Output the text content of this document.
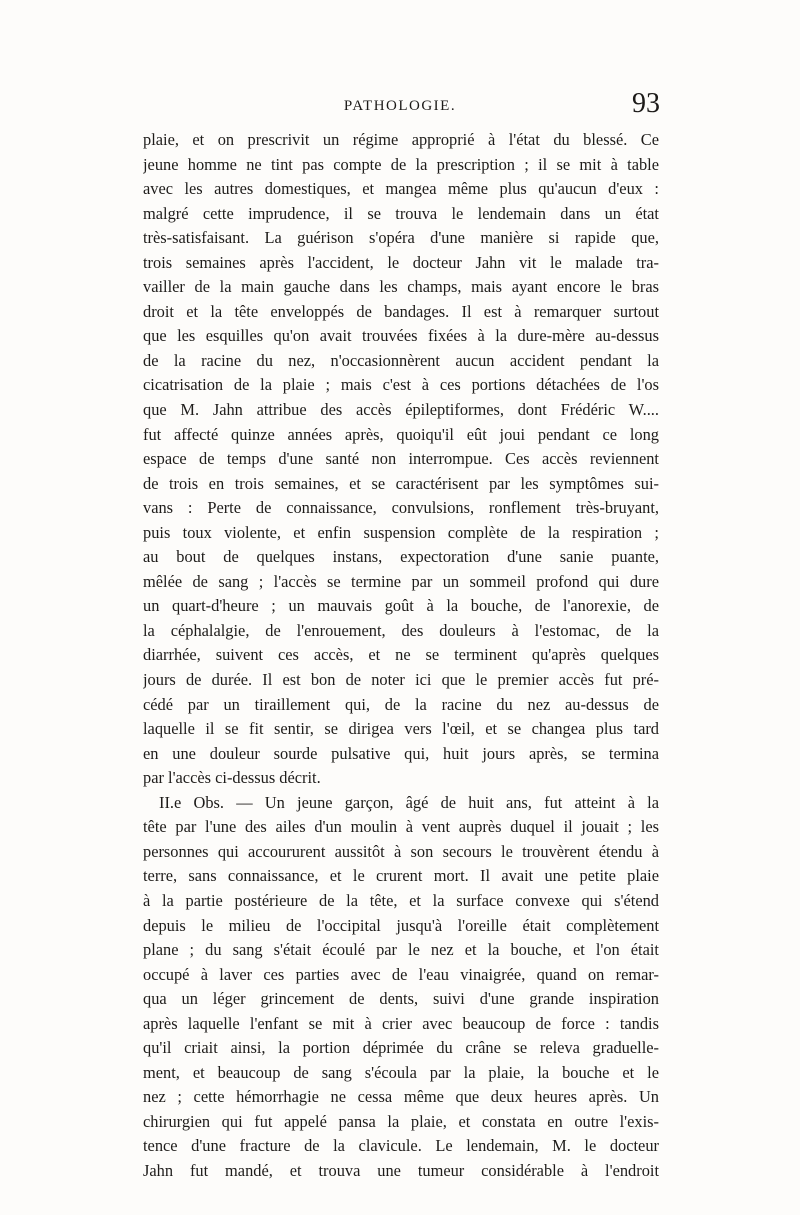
PATHOLOGIE.	93
plaie, et on prescrivit un régime approprié à l'état du blessé. Ce
jeune homme ne tint pas compte de la prescription ; il se mit à table
avec les autres domestiques, et mangea même plus qu'aucun d'eux :
malgré cette imprudence, il se trouva le lendemain dans un état
très-satisfaisant. La guérison s'opéra d'une manière si rapide que,
trois semaines après l'accident, le docteur Jahn vit le malade tra-
vailler de la main gauche dans les champs, mais ayant encore le bras
droit et la tête enveloppés de bandages. Il est à remarquer surtout
que les esquilles qu'on avait trouvées fixées à la dure-mère au-dessus
de la racine du nez, n'occasionnèrent aucun accident pendant la
cicatrisation de la plaie ; mais c'est à ces portions détachées de l'os
que M. Jahn attribue des accès épileptiformes, dont Frédéric W....
fut affecté quinze années après, quoiqu'il eût joui pendant ce long
espace de temps d'une santé non interrompue. Ces accès reviennent
de trois en trois semaines, et se caractérisent par les symptômes sui-
vans : Perte de connaissance, convulsions, ronflement très-bruyant,
puis toux violente, et enfin suspension complète de la respiration ;
au bout de quelques instans, expectoration d'une sanie puante,
mêlée de sang ; l'accès se termine par un sommeil profond qui dure
un quart-d'heure ; un mauvais goût à la bouche, de l'anorexie, de
la céphalalgie, de l'enrouement, des douleurs à l'estomac, de la
diarrhée, suivent ces accès, et ne se terminent qu'après quelques
jours de durée. Il est bon de noter ici que le premier accès fut pré-
cédé par un tiraillement qui, de la racine du nez au-dessus de
laquelle il se fit sentir, se dirigea vers l'œil, et se changea plus tard
en une douleur sourde pulsative qui, huit jours après, se termina
par l'accès ci-dessus décrit.
II.e Obs. — Un jeune garçon, âgé de huit ans, fut atteint à la
tête par l'une des ailes d'un moulin à vent auprès duquel il jouait ; les
personnes qui accoururent aussitôt à son secours le trouvèrent étendu à
terre, sans connaissance, et le crurent mort. Il avait une petite plaie
à la partie postérieure de la tête, et la surface convexe qui s'étend
depuis le milieu de l'occipital jusqu'à l'oreille était complètement
plane ; du sang s'était écoulé par le nez et la bouche, et l'on était
occupé à laver ces parties avec de l'eau vinaigrée, quand on remar-
qua un léger grincement de dents, suivi d'une grande inspiration
après laquelle l'enfant se mit à crier avec beaucoup de force : tandis
qu'il criait ainsi, la portion déprimée du crâne se releva graduelle-
ment, et beaucoup de sang s'écoula par la plaie, la bouche et le
nez ; cette hémorrhagie ne cessa même que deux heures après. Un
chirurgien qui fut appelé pansa la plaie, et constata en outre l'exis-
tence d'une fracture de la clavicule. Le lendemain, M. le docteur
Jahn fut mandé, et trouva une tumeur considérable à l'endroit
